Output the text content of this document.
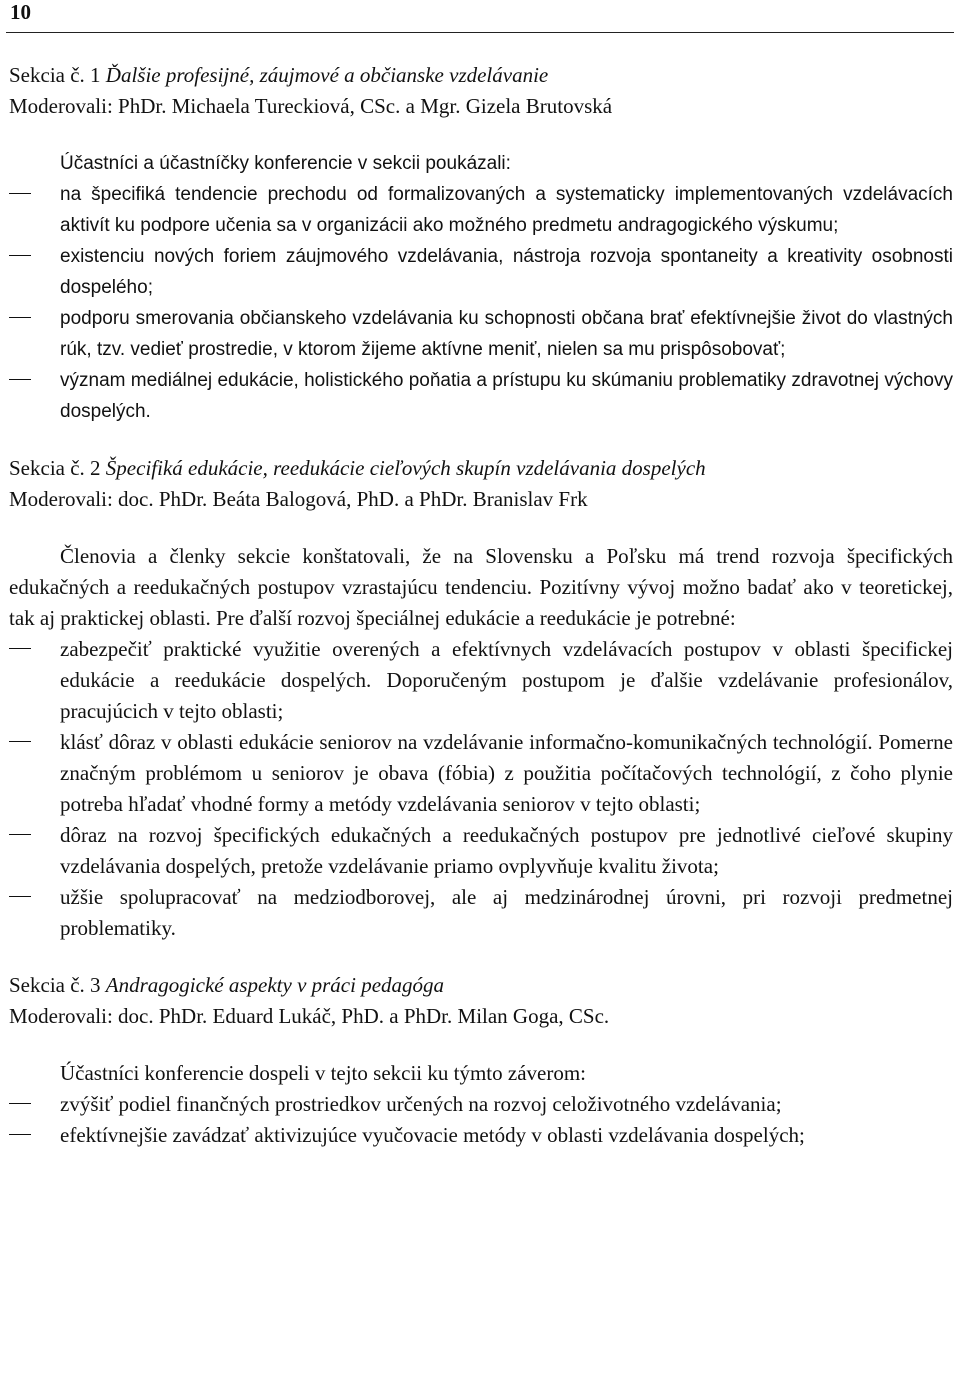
10
Sekcia č. 1 Ďalšie profesijné, záujmové a občianske vzdelávanie
Moderovali: PhDr. Michaela Tureckiová, CSc. a Mgr. Gizela Brutovská
Účastníci a účastníčky konferencie v sekcii poukázali:
na špecifiká tendencie prechodu od formalizovaných a systematicky implementovaných vzdelávacích aktivít ku podpore učenia sa v organizácii ako možného predmetu andragogického výskumu;
existenciu nových foriem záujmového vzdelávania, nástroja rozvoja spontaneity a kreativity osobnosti dospelého;
podporu smerovania občianskeho vzdelávania ku schopnosti občana brať efektívnejšie život do vlastných rúk, tzv. vedieť prostredie, v ktorom žijeme aktívne meniť, nielen sa mu prispôsobovať;
význam mediálnej edukácie, holistického poňatia a prístupu ku skúmaniu problematiky zdravotnej výchovy dospelých.
Sekcia č. 2 Špecifiká edukácie, reedukácie cieľových skupín vzdelávania dospelých
Moderovali: doc. PhDr. Beáta Balogová, PhD. a PhDr. Branislav Frk
Členovia a členky sekcie konštatovali, že na Slovensku a Poľsku má trend rozvoja špecifických edukačných a reedukačných postupov vzrastajúcu tendenciu. Pozitívny vývoj možno badať ako v teoretickej, tak aj praktickej oblasti. Pre ďalší rozvoj špeciálnej edukácie a reedukácie je potrebné:
zabezpečiť praktické využitie overených a efektívnych vzdelávacích postupov v oblasti špecifickej edukácie a reedukácie dospelých. Doporučeným postupom je ďalšie vzdelávanie profesionálov, pracujúcich v tejto oblasti;
klásť dôraz v oblasti edukácie seniorov na vzdelávanie informačno-komunikačných technológií. Pomerne značným problémom u seniorov je obava (fóbia) z použitia počítačových technológií, z čoho plynie potreba hľadať vhodné formy a metódy vzdelávania seniorov v tejto oblasti;
dôraz na rozvoj špecifických edukačných a reedukačných postupov pre jednotlivé cieľové skupiny vzdelávania dospelých, pretože vzdelávanie priamo ovplyvňuje kvalitu života;
užšie spolupracovať na medziodborovej, ale aj medzinárodnej úrovni, pri rozvoji predmetnej problematiky.
Sekcia č. 3 Andragogické aspekty v práci pedagóga
Moderovali: doc. PhDr. Eduard Lukáč, PhD. a PhDr. Milan Goga, CSc.
Účastníci konferencie dospeli v tejto sekcii ku týmto záverom:
zvýšiť podiel finančných prostriedkov určených na rozvoj celoživotného vzdelávania;
efektívnejšie zavádzať aktivizujúce vyučovacie metódy v oblasti vzdelávania dospelých;
